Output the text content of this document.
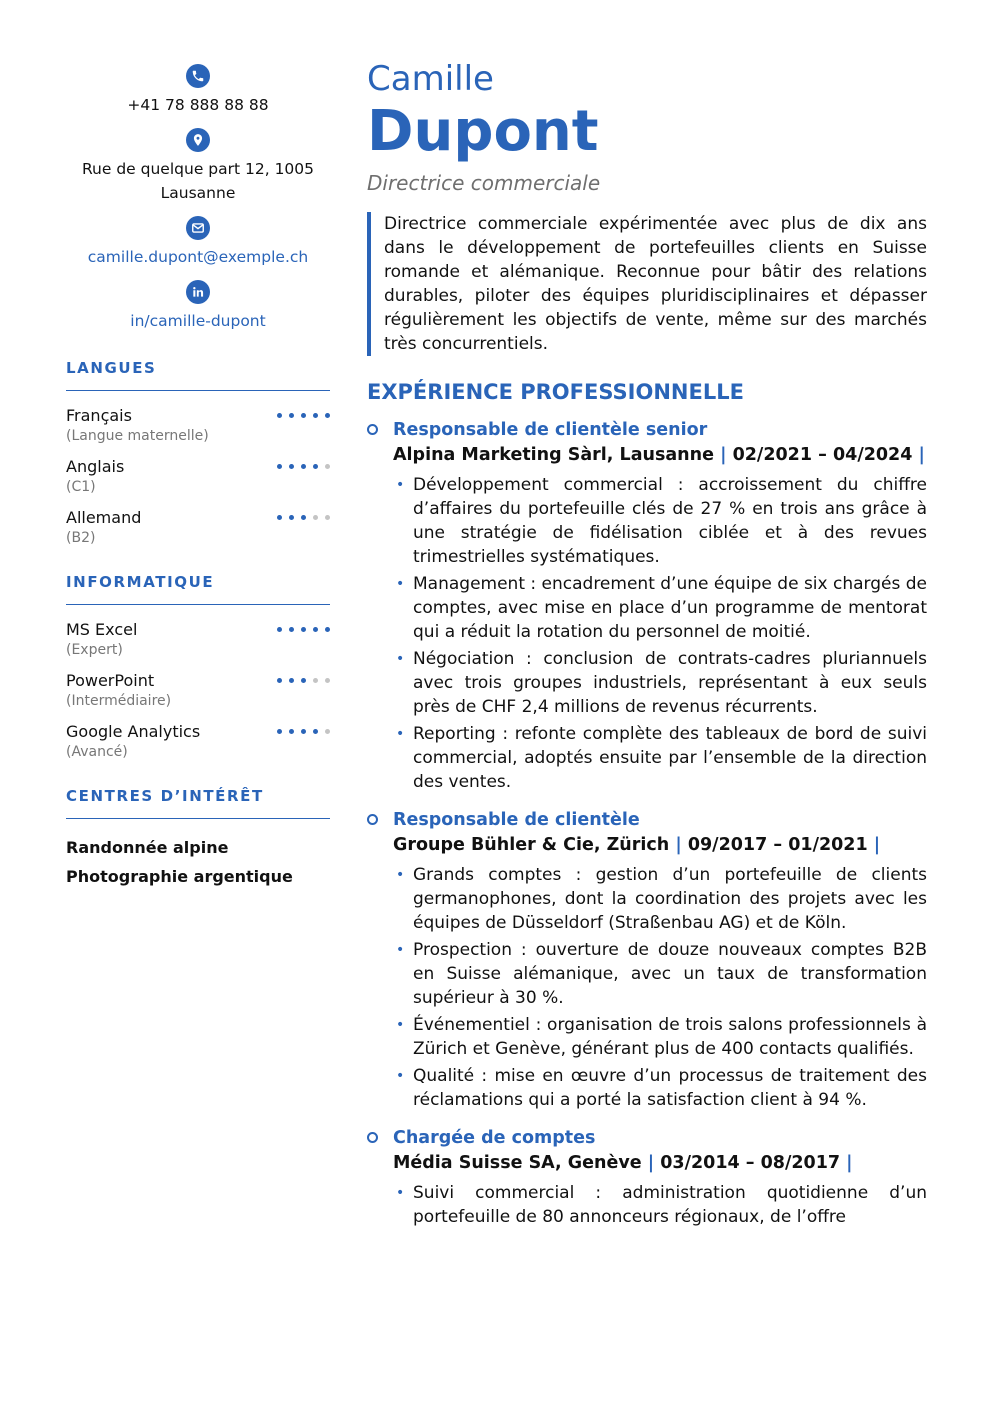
+41 78 888 88 88
Rue de quelque part 12, 1005 Lausanne
camille.dupont@exemple.ch
in/camille-dupont
LANGUES
Français
(Langue maternelle)
Anglais
(C1)
Allemand
(B2)
INFORMATIQUE
MS Excel
(Expert)
PowerPoint
(Intermédiaire)
Google Analytics
(Avancé)
CENTRES D’INTÉRÊT
Randonnée alpine
Photographie argentique
Camille
Dupont
Directrice commerciale
Directrice commerciale expérimentée avec plus de dix ans dans le développement de portefeuilles clients en Suisse romande et alémanique. Reconnue pour bâtir des relations durables, piloter des équipes pluridisciplinaires et dépasser régulièrement les objectifs de vente, même sur des marchés très concurrentiels.
EXPÉRIENCE PROFESSIONNELLE
Responsable de clientèle senior
Alpina Marketing Sàrl, Lausanne | 02/2021 – 04/2024 |
• Développement commercial : accroissement du chiffre d’affaires du portefeuille clés de 27 % en trois ans grâce à une stratégie de fidélisation ciblée et à des revues trimestrielles systématiques.
• Management : encadrement d’une équipe de six chargés de comptes, avec mise en place d’un programme de mentorat qui a réduit la rotation du personnel de moitié.
• Négociation : conclusion de contrats-cadres pluriannuels avec trois groupes industriels, représentant à eux seuls près de CHF 2,4 millions de revenus récurrents.
• Reporting : refonte complète des tableaux de bord de suivi commercial, adoptés ensuite par l’ensemble de la direction des ventes.
Responsable de clientèle
Groupe Bühler & Cie, Zürich | 09/2017 – 01/2021 |
• Grands comptes : gestion d’un portefeuille de clients germanophones, dont la coordination des projets avec les équipes de Düsseldorf (Straßenbau AG) et de Köln.
• Prospection : ouverture de douze nouveaux comptes B2B en Suisse alémanique, avec un taux de transformation supérieur à 30 %.
• Événementiel : organisation de trois salons professionnels à Zürich et Genève, générant plus de 400 contacts qualifiés.
• Qualité : mise en œuvre d’un processus de traitement des réclamations qui a porté la satisfaction client à 94 %.
Chargée de comptes
Média Suisse SA, Genève | 03/2014 – 08/2017 |
• Suivi commercial : administration quotidienne d’un portefeuille de 80 annonceurs régionaux, de l’offre
